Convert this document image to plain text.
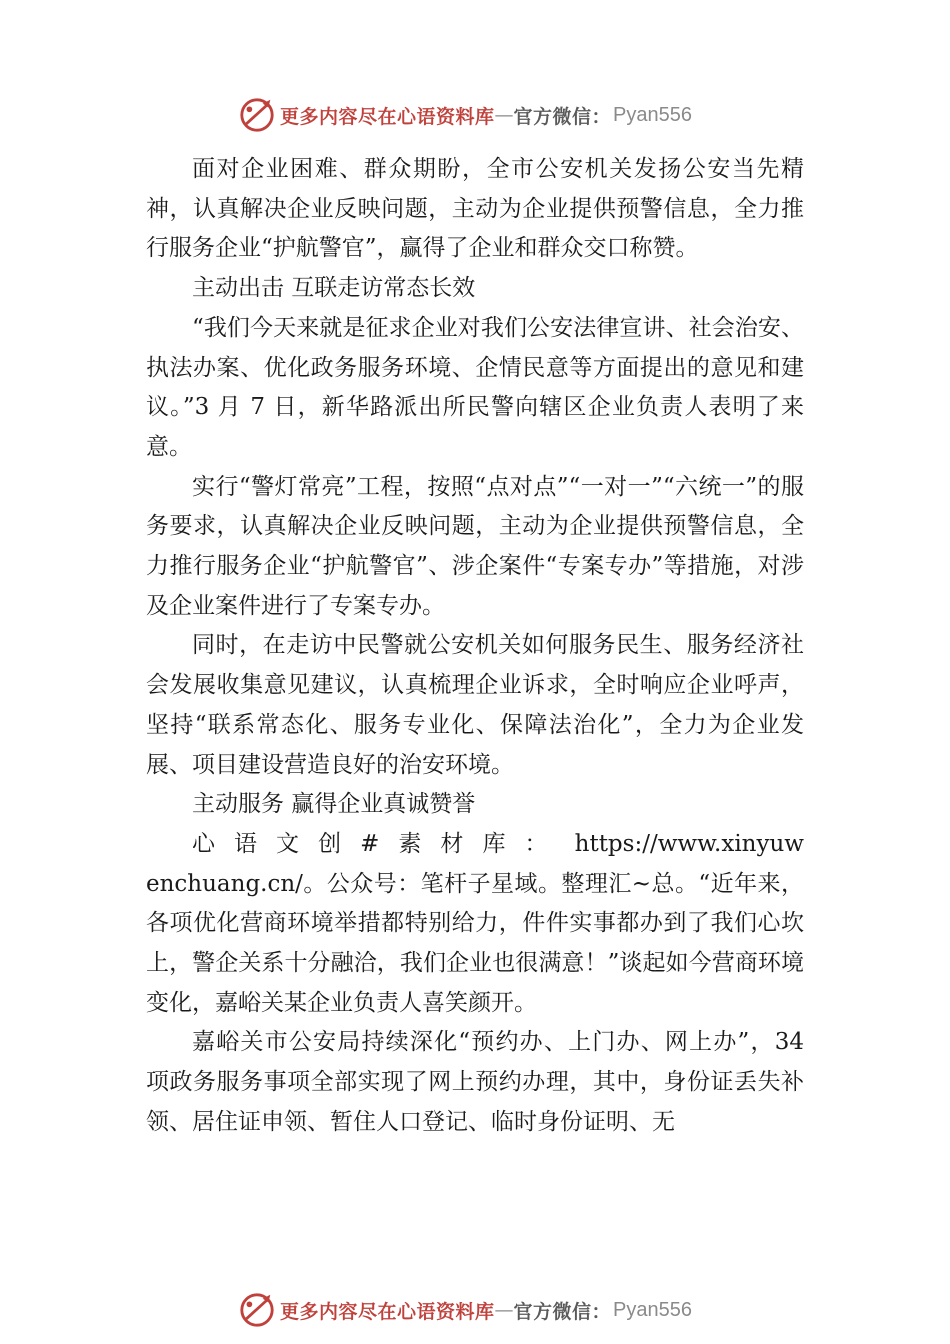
更多内容尽在心语资料库 — 官方微信： Pyan556

面对企业困难、群众期盼，全市公安机关发扬公安当先精神，认真解决企业反映问题，主动为企业提供预警信息，全力推行服务企业“护航警官”，赢得了企业和群众交口称赞。

主动出击 互联走访常态长效

“我们今天来就是征求企业对我们公安法律宣讲、社会治安、执法办案、优化政务服务环境、企情民意等方面提出的意见和建议。”3 月 7 日，新华路派出所民警向辖区企业负责人表明了来意。

实行“警灯常亮”工程，按照“点对点”“一对一”“六统一”的服务要求，认真解决企业反映问题，主动为企业提供预警信息，全力推行服务企业“护航警官”、涉企案件“专案专办”等措施，对涉及企业案件进行了专案专办。

同时，在走访中民警就公安机关如何服务民生、服务经济社会发展收集意见建议，认真梳理企业诉求，全时响应企业呼声，坚持“联系常态化、服务专业化、保障法治化”，全力为企业发展、项目建设营造良好的治安环境。

主动服务 赢得企业真诚赞誉

心语文创#素材库： https://www.xinyuwenchuang.cn/。公众号：笔杆子星域。整理汇~总。“近年来，各项优化营商环境举措都特别给力，件件实事都办到了我们心坎上，警企关系十分融洽，我们企业也很满意！”谈起如今营商环境变化，嘉峪关某企业负责人喜笑颜开。

嘉峪关市公安局持续深化“预约办、上门办、网上办”，34 项政务服务事项全部实现了网上预约办理，其中，身份证丢失补领、居住证申领、暂住人口登记、临时身份证明、无

更多内容尽在心语资料库 — 官方微信： Pyan556
